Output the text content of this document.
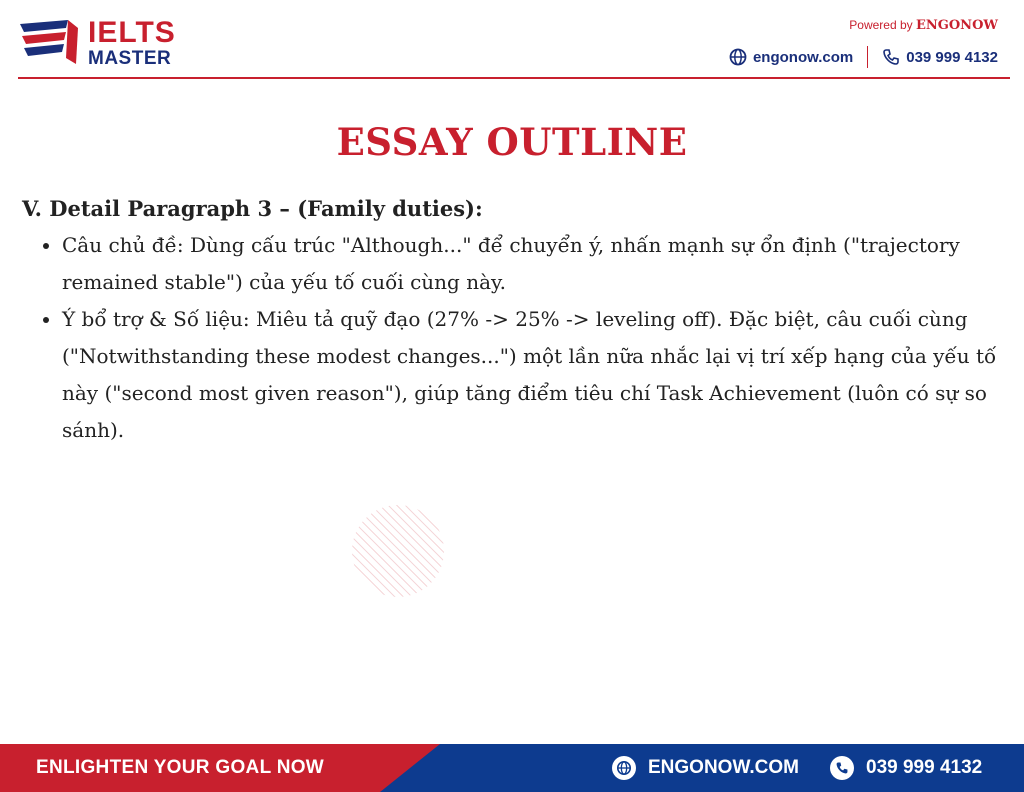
IELTS
MASTER
Powered by ENGONOW
engonow.com	039 999 4132
ESSAY OUTLINE
V. Detail Paragraph 3 – (Family duties):
• Câu chủ đề: Dùng cấu trúc "Although..." để chuyển ý, nhấn mạnh sự ổn định ("trajectory remained stable") của yếu tố cuối cùng này.
• Ý bổ trợ & Số liệu: Miêu tả quỹ đạo (27% -> 25% -> leveling off). Đặc biệt, câu cuối cùng ("Notwithstanding these modest changes...") một lần nữa nhắc lại vị trí xếp hạng của yếu tố này ("second most given reason"), giúp tăng điểm tiêu chí Task Achievement (luôn có sự so sánh).
ENLIGHTEN YOUR GOAL NOW	ENGONOW.COM	039 999 4132
